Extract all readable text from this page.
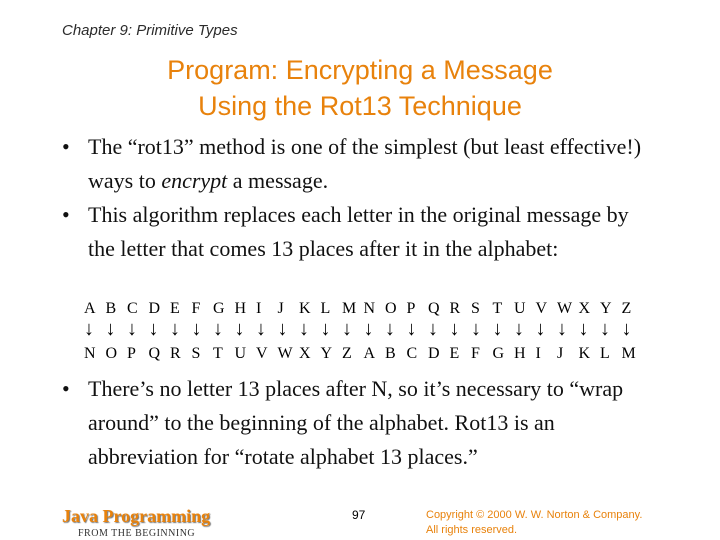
Chapter 9: Primitive Types
Program: Encrypting a Message
Using the Rot13 Technique
• The “rot13” method is one of the simplest (but least effective!) ways to encrypt a message.
• This algorithm replaces each letter in the original message by the letter that comes 13 places after it in the alphabet:
A B C D E F G H I J K L M N O P Q R S T U V W X Y Z
↓ ↓ ↓ ↓ ↓ ↓ ↓ ↓ ↓ ↓ ↓ ↓ ↓ ↓ ↓ ↓ ↓ ↓ ↓ ↓ ↓ ↓ ↓ ↓ ↓ ↓
N O P Q R S T U V W X Y Z A B C D E F G H I J K L M
• There’s no letter 13 places after N, so it’s necessary to “wrap around” to the beginning of the alphabet. Rot13 is an abbreviation for “rotate alphabet 13 places.”
Java Programming
FROM THE BEGINNING
97	Copyright © 2000 W. W. Norton & Company.
All rights reserved.
